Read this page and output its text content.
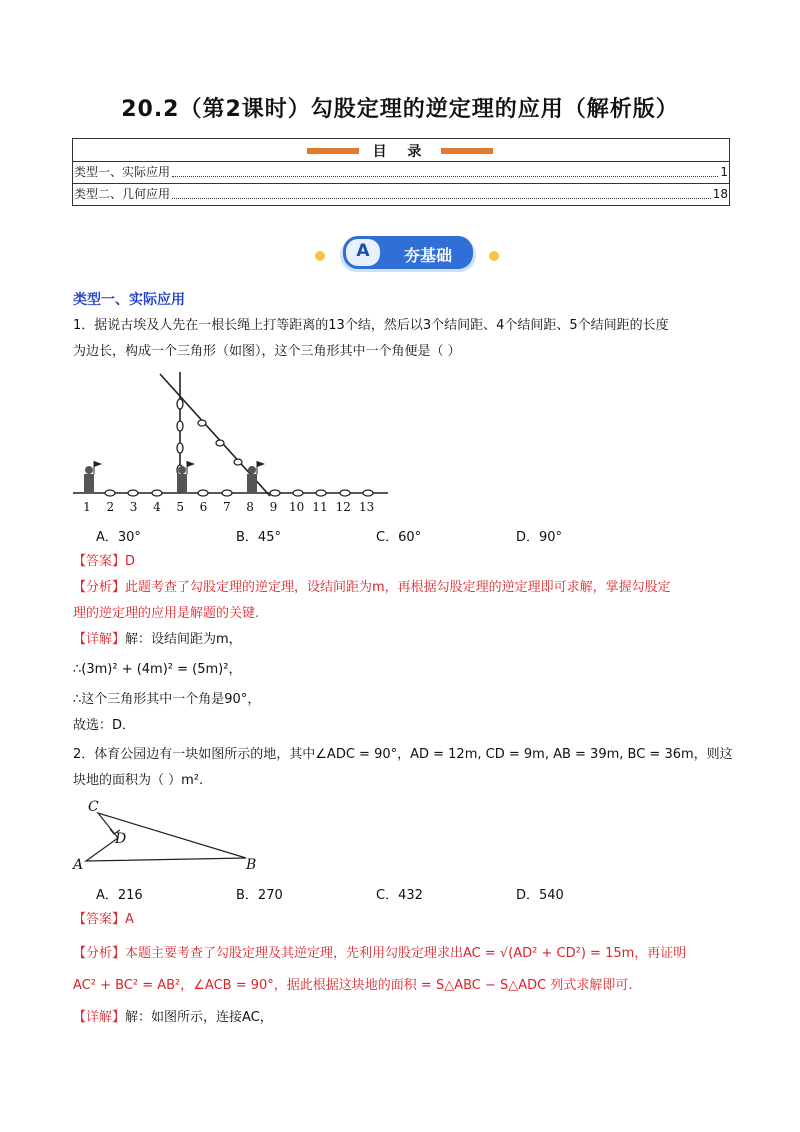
20.2（第2课时）勾股定理的逆定理的应用（解析版）
目 录
类型一、实际应用	1
类型二、几何应用	18
A	夯基础
类型一、实际应用
1．据说古埃及人先在一根长绳上打等距离的13个结，然后以3个结间距、4个结间距、5个结间距的长度
为边长，构成一个三角形（如图），这个三角形其中一个角便是（ ）
1 2 3 4 5 6 7 8 9 10 11 12 13
A．30°	B．45°	C．60°	D．90°
【答案】D
【分析】此题考查了勾股定理的逆定理，设结间距为m，再根据勾股定理的逆定理即可求解，掌握勾股定
理的逆定理的应用是解题的关键.
【详解】解：设结间距为m，
∴(3m)² + (4m)² = (5m)²，
∴这个三角形其中一个角是90°，
故选：D．
2．体育公园边有一块如图所示的地，其中∠ADC = 90°，AD = 12m, CD = 9m, AB = 39m, BC = 36m，则这
块地的面积为（ ）m².
C
D
A	B
A．216	B．270	C．432	D．540
【答案】A
【分析】本题主要考查了勾股定理及其逆定理，先利用勾股定理求出AC = √(AD² + CD²) = 15m，再证明
AC² + BC² = AB²，∠ACB = 90°，据此根据这块地的面积 = S△ABC − S△ADC 列式求解即可.
【详解】解：如图所示，连接AC，
